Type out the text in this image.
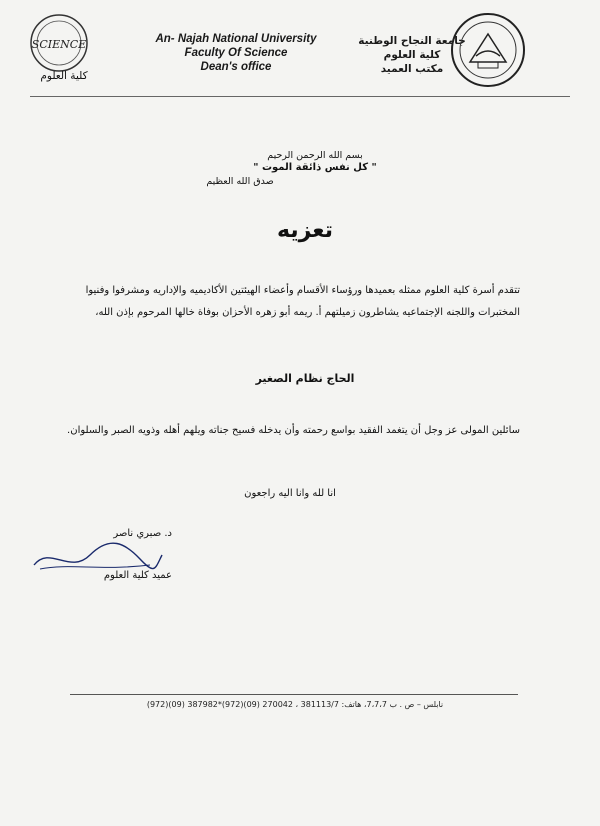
SCIENCE
كلية العلوم
An- Najah National University
Faculty Of Science
Dean's office
جامعة النجاح الوطنية
كلية العلوم
مكتب العميد
بسم الله الرحمن الرحيم
" كل نفس ذائقة الموت "
صدق الله العظيم
تعزيه
تتقدم أسرة كلية العلوم ممثله بعميدها ورؤساء الأقسام وأعضاء الهيئتين الأكاديميه والإداريه ومشرفوا وفنيوا المختبرات واللجنه الإجتماعيه يشاطرون زميلتهم أ. ريمه أبو زهره الأحزان بوفاة خالها المرحوم بإذن الله،
الحاج نظام الصغير
سائلين المولى عز وجل أن يتغمد الفقيد بواسع رحمته وأن يدخله فسيح جناته ويلهم أهله وذويه الصبر والسلوان.
انا لله وانا اليه راجعون
د. صبري ناصر
عميد كلية العلوم
نابلس – ص . ب 7،7،7، هاتف: 381113/7 ، 270042 (09)(972)*387982 (09)(972)
